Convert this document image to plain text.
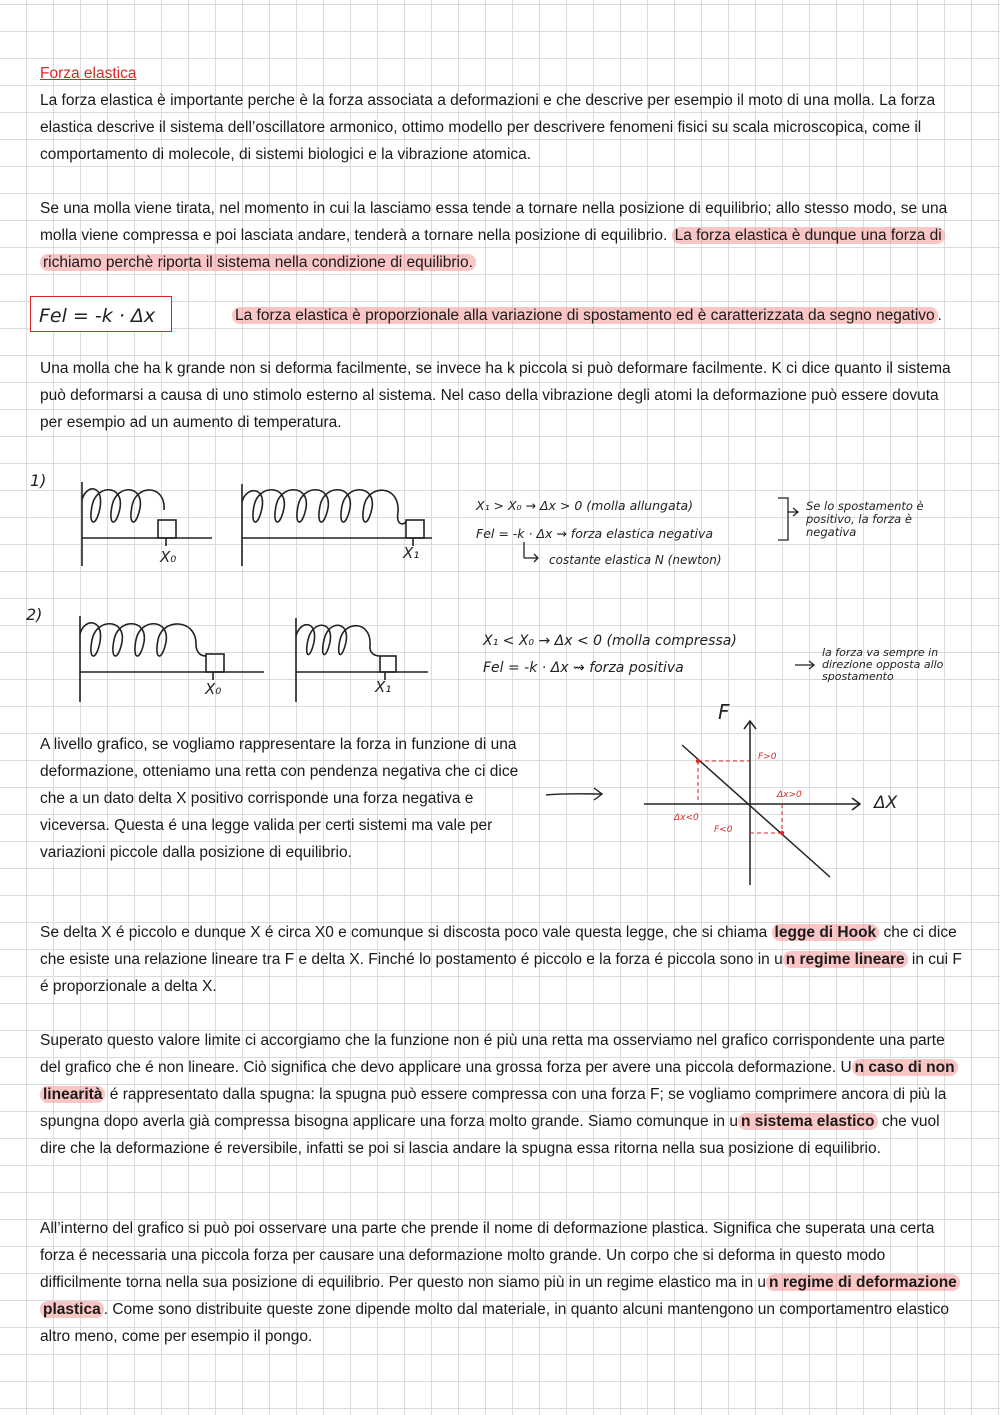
Forza elastica

La forza elastica è importante perche è la forza associata a deformazioni e che descrive per esempio il moto di una molla. La forza elastica descrive il sistema dell’oscillatore armonico, ottimo modello per descrivere fenomeni fisici su scala microscopica, come il comportamento di molecole, di sistemi biologici e la vibrazione atomica.

Se una molla viene tirata, nel momento in cui la lasciamo essa tende a tornare nella posizione di equilibrio; allo stesso modo, se una molla viene compressa e poi lasciata andare, tenderà a tornare nella posizione di equilibrio. La forza elastica è dunque una forza di richiamo perchè riporta il sistema nella condizione di equilibrio.

Fel = -k · Δx	La forza elastica è proporzionale alla variazione di spostamento ed è caratterizzata da segno negativo .

Una molla che ha k grande non si deforma facilmente, se invece ha k piccola si può deformare facilmente. K ci dice quanto il sistema può deformarsi a causa di uno stimolo esterno al sistema. Nel caso della vibrazione degli atomi la deformazione può essere dovuta per esempio ad un aumento di temperatura.

1)
X₀	X₁
X₁ > X₀ → Δx > 0 (molla allungata)
Fel = -k · Δx ⇝ forza elastica negativa
costante elastica N (newton)
Se lo spostamento è
positivo, la forza è
negativa
2)
X₀	X₁
X₁ < X₀ → Δx < 0 (molla compressa)
Fel = -k · Δx ⇝ forza positiva
la forza va sempre in
direzione opposta allo
spostamento

A livello grafico, se vogliamo rappresentare la forza in funzione di una deformazione, otteniamo una retta con pendenza negativa che ci dice che a un dato delta X positivo corrisponde una forza negativa e viceversa. Questa é una legge valida per certi sistemi ma vale per variazioni piccole dalla posizione di equilibrio.

F
ΔX
F>0
Δx>0
Δx<0
F<0

Se delta X é piccolo e dunque X é circa X0 e comunque si discosta poco vale questa legge, che si chiama legge di Hook che ci dice che esiste una relazione lineare tra F e delta X. Finché lo postamento é piccolo e la forza é piccola sono in u n regime lineare in cui F é proporzionale a delta X.

Superato questo valore limite ci accorgiamo che la funzione non é più una retta ma osserviamo nel grafico corrispondente una parte del grafico che é non lineare. Ciò significa che devo applicare una grossa forza per avere una piccola deformazione. U n caso di non linearità é rappresentato dalla spugna: la spugna può essere compressa con una forza F; se vogliamo comprimere ancora di più la spungna dopo averla già compressa bisogna applicare una forza molto grande. Siamo comunque in u n sistema elastico che vuol dire che la deformazione é reversibile, infatti se poi si lascia andare la spugna essa ritorna nella sua posizione di equilibrio.

All’interno del grafico si può poi osservare una parte che prende il nome di deformazione plastica. Significa che superata una certa forza é necessaria una piccola forza per causare una deformazione molto grande. Un corpo che si deforma in questo modo difficilmente torna nella sua posizione di equilibrio. Per questo non siamo più in un regime elastico ma in u n regime di deformazione plastica . Come sono distribuite queste zone dipende molto dal materiale, in quanto alcuni mantengono un comportamentro elastico altro meno, come per esempio il pongo.
